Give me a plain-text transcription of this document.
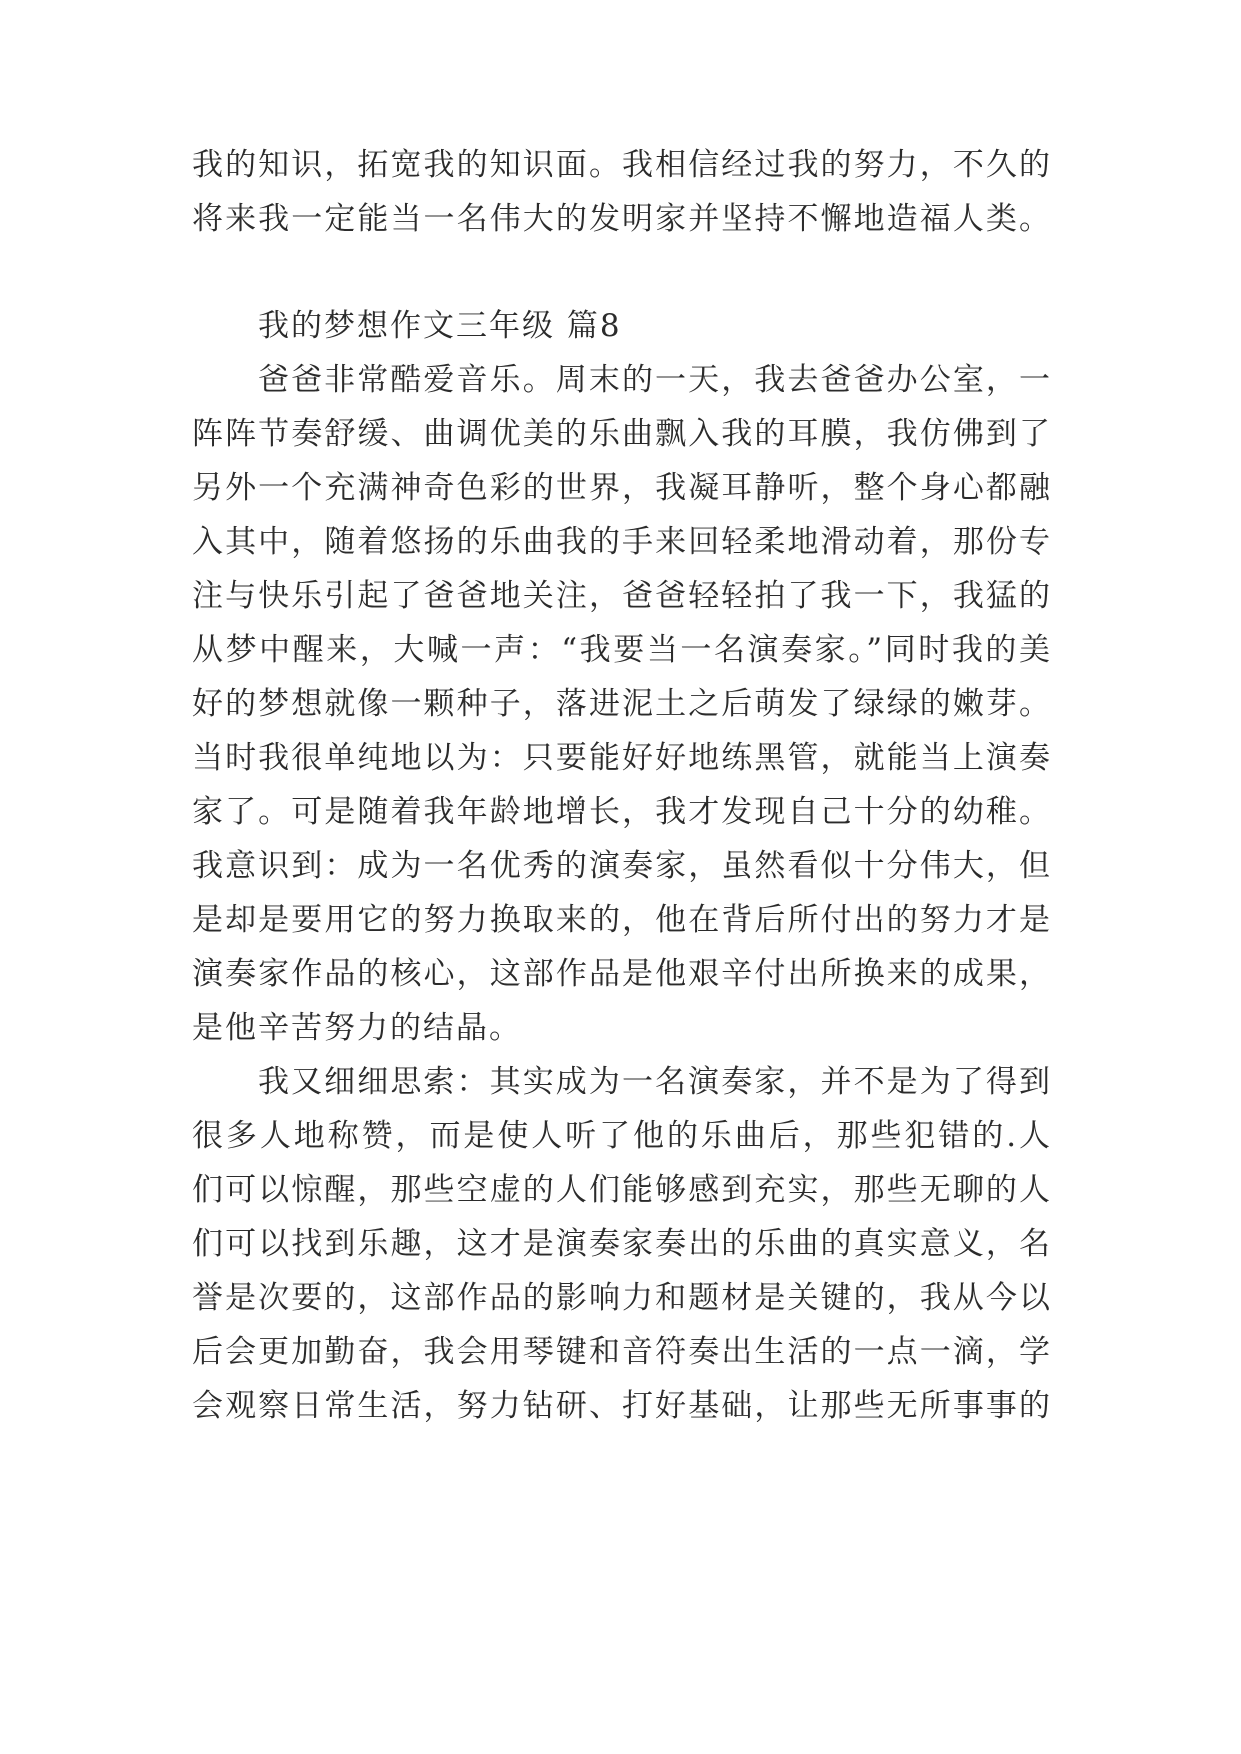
我的知识，拓宽我的知识面。我相信经过我的努力，不久的
将来我一定能当一名伟大的发明家并坚持不懈地造福人类。
我的梦想作文三年级 篇8
爸爸非常酷爱音乐。周末的一天，我去爸爸办公室，一
阵阵节奏舒缓、曲调优美的乐曲飘入我的耳膜，我仿佛到了
另外一个充满神奇色彩的世界，我凝耳静听，整个身心都融
入其中，随着悠扬的乐曲我的手来回轻柔地滑动着，那份专
注与快乐引起了爸爸地关注，爸爸轻轻拍了我一下，我猛的
从梦中醒来，大喊一声：“我要当一名演奏家。”同时我的美
好的梦想就像一颗种子，落进泥土之后萌发了绿绿的嫩芽。
当时我很单纯地以为：只要能好好地练黑管，就能当上演奏
家了。可是随着我年龄地增长，我才发现自己十分的幼稚。
我意识到：成为一名优秀的演奏家，虽然看似十分伟大，但
是却是要用它的努力换取来的，他在背后所付出的努力才是
演奏家作品的核心，这部作品是他艰辛付出所换来的成果，
是他辛苦努力的结晶。
我又细细思索：其实成为一名演奏家，并不是为了得到
很多人地称赞，而是使人听了他的乐曲后，那些犯错的.人
们可以惊醒，那些空虚的人们能够感到充实，那些无聊的人
们可以找到乐趣，这才是演奏家奏出的乐曲的真实意义，名
誉是次要的，这部作品的影响力和题材是关键的，我从今以
后会更加勤奋，我会用琴键和音符奏出生活的一点一滴，学
会观察日常生活，努力钻研、打好基础，让那些无所事事的
